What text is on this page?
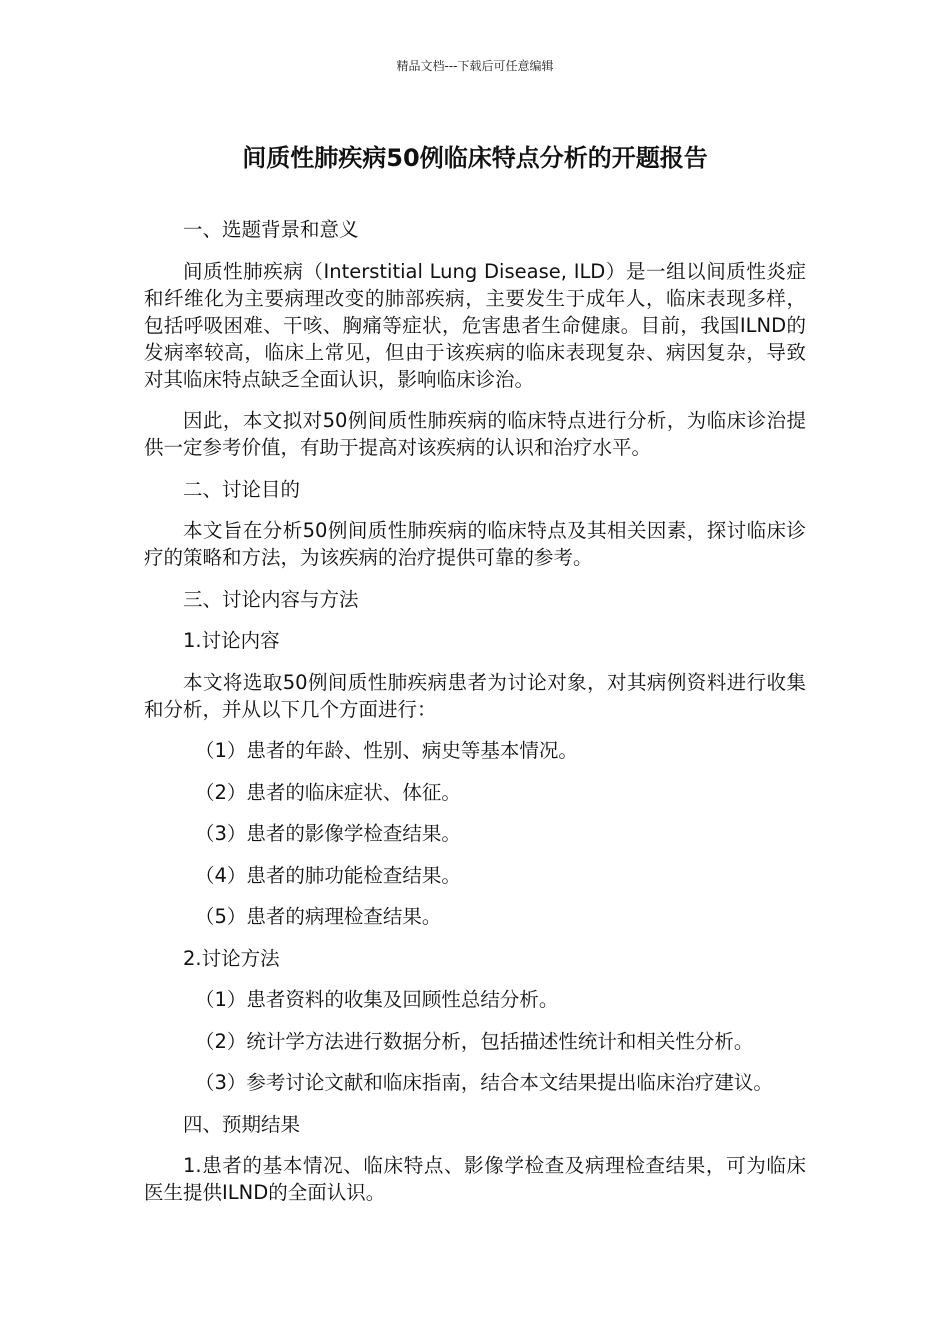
精品文档---下载后可任意编辑
间质性肺疾病50例临床特点分析的开题报告
一、选题背景和意义
间质性肺疾病（Interstitial Lung Disease, ILD）是一组以间质性炎症和纤维化为主要病理改变的肺部疾病，主要发生于成年人，临床表现多样，包括呼吸困难、干咳、胸痛等症状，危害患者生命健康。目前，我国ILND的发病率较高，临床上常见，但由于该疾病的临床表现复杂、病因复杂，导致对其临床特点缺乏全面认识，影响临床诊治。
因此，本文拟对50例间质性肺疾病的临床特点进行分析，为临床诊治提供一定参考价值，有助于提高对该疾病的认识和治疗水平。
二、讨论目的
本文旨在分析50例间质性肺疾病的临床特点及其相关因素，探讨临床诊疗的策略和方法，为该疾病的治疗提供可靠的参考。
三、讨论内容与方法
1.讨论内容
本文将选取50例间质性肺疾病患者为讨论对象，对其病例资料进行收集和分析，并从以下几个方面进行：
（1）患者的年龄、性别、病史等基本情况。
（2）患者的临床症状、体征。
（3）患者的影像学检查结果。
（4）患者的肺功能检查结果。
（5）患者的病理检查结果。
2.讨论方法
（1）患者资料的收集及回顾性总结分析。
（2）统计学方法进行数据分析，包括描述性统计和相关性分析。
（3）参考讨论文献和临床指南，结合本文结果提出临床治疗建议。
四、预期结果
1.患者的基本情况、临床特点、影像学检查及病理检查结果，可为临床医生提供ILND的全面认识。
